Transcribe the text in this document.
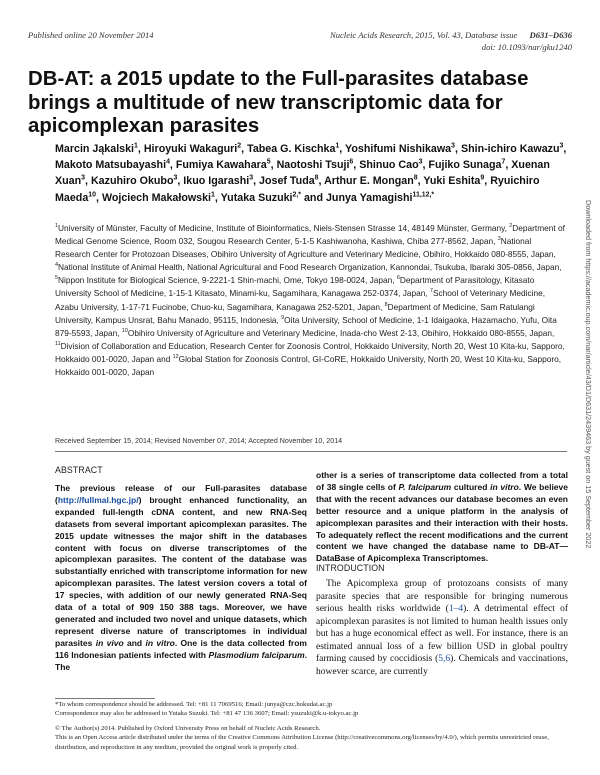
Published online 20 November 2014	Nucleic Acids Research, 2015, Vol. 43, Database issue D631–D636
doi: 10.1093/nar/gku1240
DB-AT: a 2015 update to the Full-parasites database brings a multitude of new transcriptomic data for apicomplexan parasites
Marcin Jąkalski$^1$, Hiroyuki Wakaguri$^2$, Tabea G. Kischka$^1$, Yoshifumi Nishikawa$^3$, Shin-ichiro Kawazu$^3$, Makoto Matsubayashi$^4$, Fumiya Kawahara$^5$, Naotoshi Tsuji$^6$, Shinuo Cao$^3$, Fujiko Sunaga$^7$, Xuenan Xuan$^3$, Kazuhiro Okubo$^3$, Ikuo Igarashi$^3$, Josef Tuda$^8$, Arthur E. Mongan$^8$, Yuki Eshita$^9$, Ryuichiro Maeda$^{10}$, Wojciech Makałowski$^1$, Yutaka Suzuki$^{2,*}$ and Junya Yamagishi$^{11,12,*}$
$^1$University of Münster, Faculty of Medicine, Institute of Bioinformatics, Niels-Stensen Strasse 14, 48149 Münster, Germany, $^2$Department of Medical Genome Science, Room 032, Sougou Research Center, 5-1-5 Kashiwanoha, Kashiwa, Chiba 277-8562, Japan, $^3$National Research Center for Protozoan Diseases, Obihiro University of Agriculture and Veterinary Medicine, Obihiro, Hokkaido 080-8555, Japan, $^4$National Institute of Animal Health, National Agricultural and Food Research Organization, Kannondai, Tsukuba, Ibaraki 305-0856, Japan, $^5$Nippon Institute for Biological Science, 9-2221-1 Shin-machi, Ome, Tokyo 198-0024, Japan, $^6$Department of Parasitology, Kitasato University School of Medicine, 1-15-1 Kitasato, Minami-ku, Sagamihara, Kanagawa 252-0374, Japan, $^7$School of Veterinary Medicine, Azabu University, 1-17-71 Fucinobe, Chuo-ku, Sagamihara, Kanagawa 252-5201, Japan, $^8$Department of Medicine, Sam Ratulangi University, Kampus Unsrat, Bahu Manado, 95115, Indonesia, $^9$Oita University, School of Medicine, 1-1 Idaigaoka, Hazamacho, Yufu, Oita 879-5593, Japan, $^{10}$Obihiro University of Agriculture and Veterinary Medicine, Inada-cho West 2-13, Obihiro, Hokkaido 080-8555, Japan, $^{11}$Division of Collaboration and Education, Research Center for Zoonosis Control, Hokkaido University, North 20, West 10 Kita-ku, Sapporo, Hokkaido 001-0020, Japan and $^{12}$Global Station for Zoonosis Control, GI-CoRE, Hokkaido University, North 20, West 10 Kita-ku, Sapporo, Hokkaido 001-0020, Japan
Received September 15, 2014; Revised November 07, 2014; Accepted November 10, 2014
ABSTRACT

The previous release of our Full-parasites database (http://fullmal.hgc.jp/) brought enhanced functionality, an expanded full-length cDNA content, and new RNA-Seq datasets from several important apicomplexan parasites. The 2015 update witnesses the major shift in the databases content with focus on diverse transcriptomes of the apicomplexan parasites. The content of the database was substantially enriched with transcriptome information for new apicomplexan parasites. The latest version covers a total of 17 species, with addition of our newly generated RNA-Seq data of a total of 909 150 388 tags. Moreover, we have generated and included two novel and unique datasets, which represent diverse nature of transcriptomes in individual parasites in vivo and in vitro. One is the data collected from 116 Indonesian patients infected with Plasmodium falciparum. The

other is a series of transcriptome data collected from a total of 38 single cells of P. falciparum cultured in vitro. We believe that with the recent advances our database becomes an even better resource and a unique platform in the analysis of apicomplexan parasites and their interaction with their hosts. To adequately reflect the recent modifications and the current content we have changed the database name to DB-AT—DataBase of Apicomplexa Transcriptomes.

INTRODUCTION
The Apicomplexa group of protozoans consists of many parasite species that are responsible for bringing numerous serious health risks worldwide (1–4). A detrimental effect of apicomplexan parasites is not limited to human health issues only but has a huge economical effect as well. For instance, there is an estimated annual loss of a few billion USD in global poultry farming caused by coccidiosis (5,6). Chemicals and vaccinations, however scarce, are currently
*To whom correspondence should be addressed. Tel: +81 11 7069516; Email: junya@czc.hokudai.ac.jp
Correspondence may also be addressed to Yutaka Suzuki. Tel: +81 47 136 3607; Email: ysuzuki@k.u-tokyo.ac.jp
© The Author(s) 2014. Published by Oxford University Press on behalf of Nucleic Acids Research.
This is an Open Access article distributed under the terms of the Creative Commons Attribution License (http://creativecommons.org/licenses/by/4.0/), which permits unrestricted reuse, distribution, and reproduction in any medium, provided the original work is properly cited.
Downloaded from https://academic.oup.com/nar/article/43/D1/D631/2439463 by guest on 15 September 2022
